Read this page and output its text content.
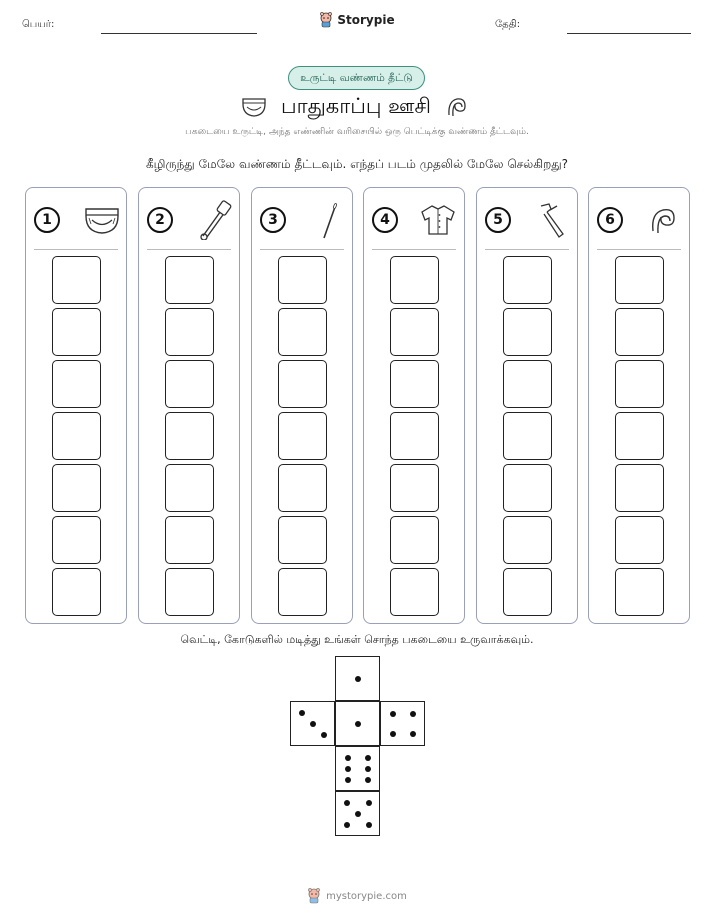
பெயர்:	Storypie	தேதி:
உருட்டி வண்ணம் தீட்டு
பாதுகாப்பு ஊசி
பகடையை உருட்டி, அந்த எண்ணின் வரிசையில் ஒரு பெட்டிக்கு வண்ணம் தீட்டவும்.
கீழிருந்து மேலே வண்ணம் தீட்டவும். எந்தப் படம் முதலில் மேலே செல்கிறது?
1	2	3	4	5	6
வெட்டி, கோடுகளில் மடித்து உங்கள் சொந்த பகடையை உருவாக்கவும்.
mystorypie.com
